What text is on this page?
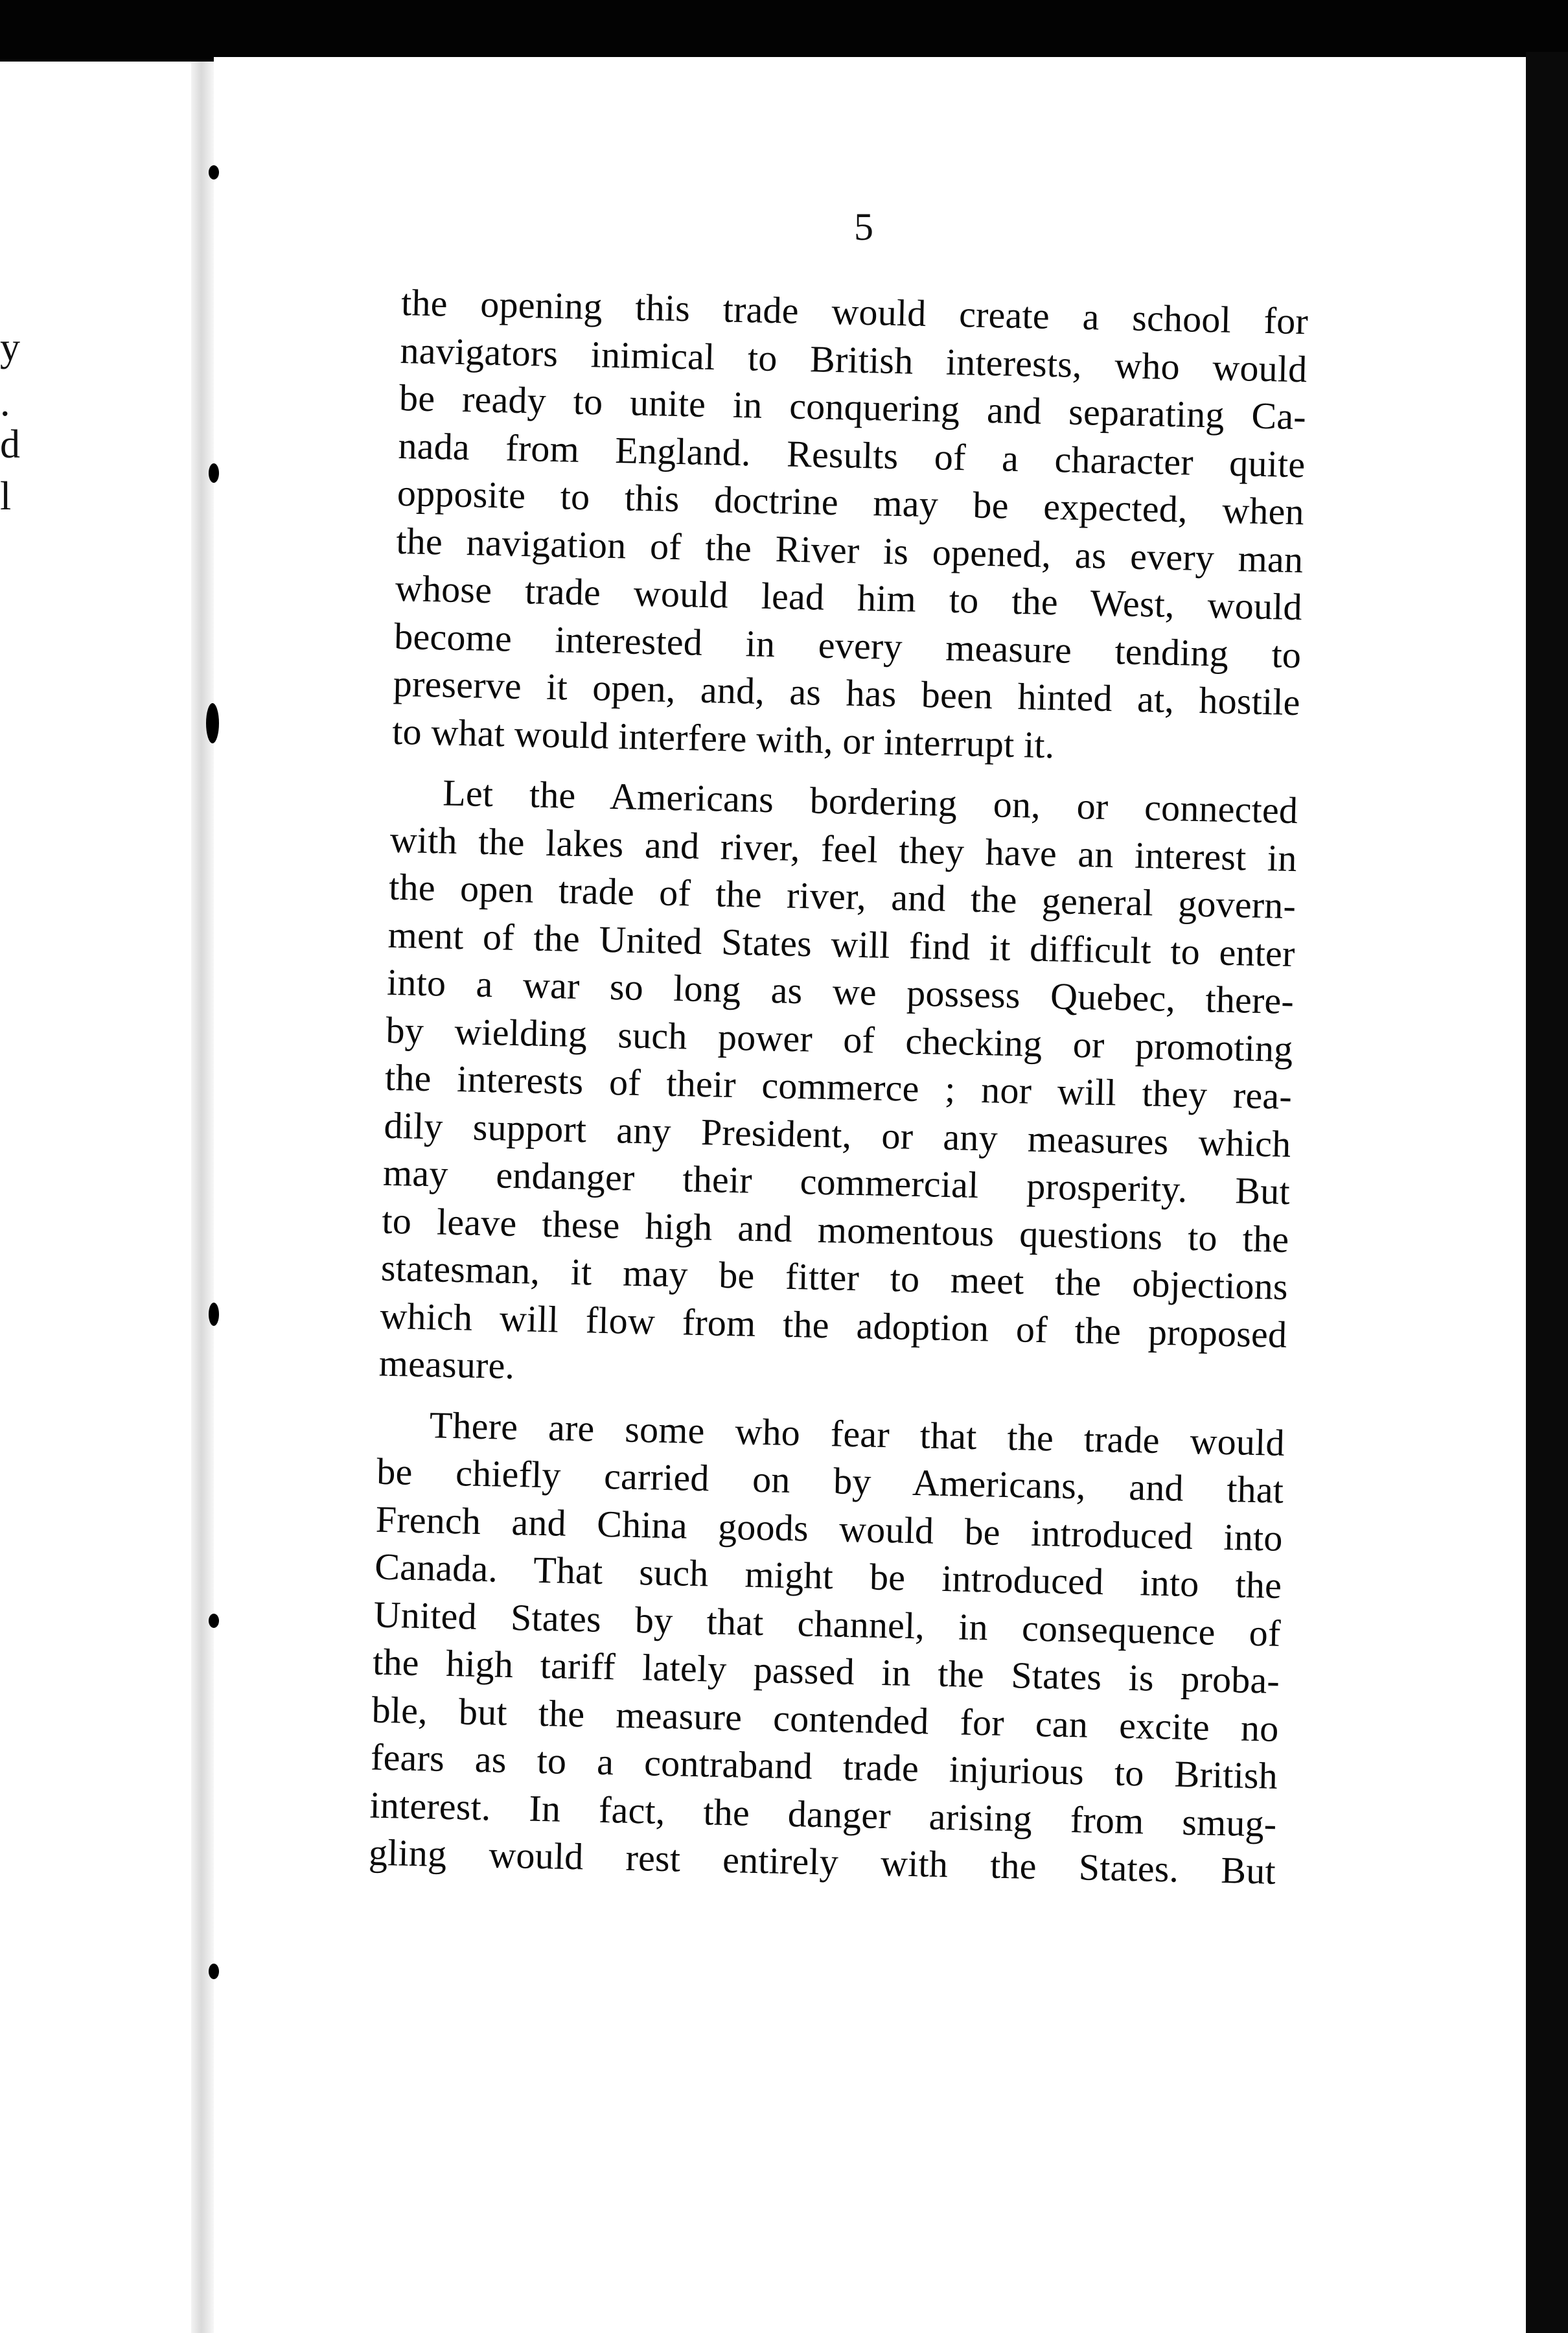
y
.
d
l
5

the opening this trade would create a school for
navigators inimical to British interests, who would
be ready to unite in conquering and separating Ca-
nada from England. Results of a character quite
opposite to this doctrine may be expected, when
the navigation of the River is opened, as every man
whose trade would lead him to the West, would
become interested in every measure tending to
preserve it open, and, as has been hinted at, hostile
to what would interfere with, or interrupt it.

Let the Americans bordering on, or connected
with the lakes and river, feel they have an interest in
the open trade of the river, and the general govern-
ment of the United States will find it difficult to enter
into a war so long as we possess Quebec, there-
by wielding such power of checking or promoting
the interests of their commerce ; nor will they rea-
dily support any President, or any measures which
may endanger their commercial prosperity. But
to leave these high and momentous questions to the
statesman, it may be fitter to meet the objections
which will flow from the adoption of the proposed
measure.

There are some who fear that the trade would
be chiefly carried on by Americans, and that
French and China goods would be introduced into
Canada. That such might be introduced into the
United States by that channel, in consequence of
the high tariff lately passed in the States is proba-
ble, but the measure contended for can excite no
fears as to a contraband trade injurious to British
interest. In fact, the danger arising from smug-
gling would rest entirely with the States. But
